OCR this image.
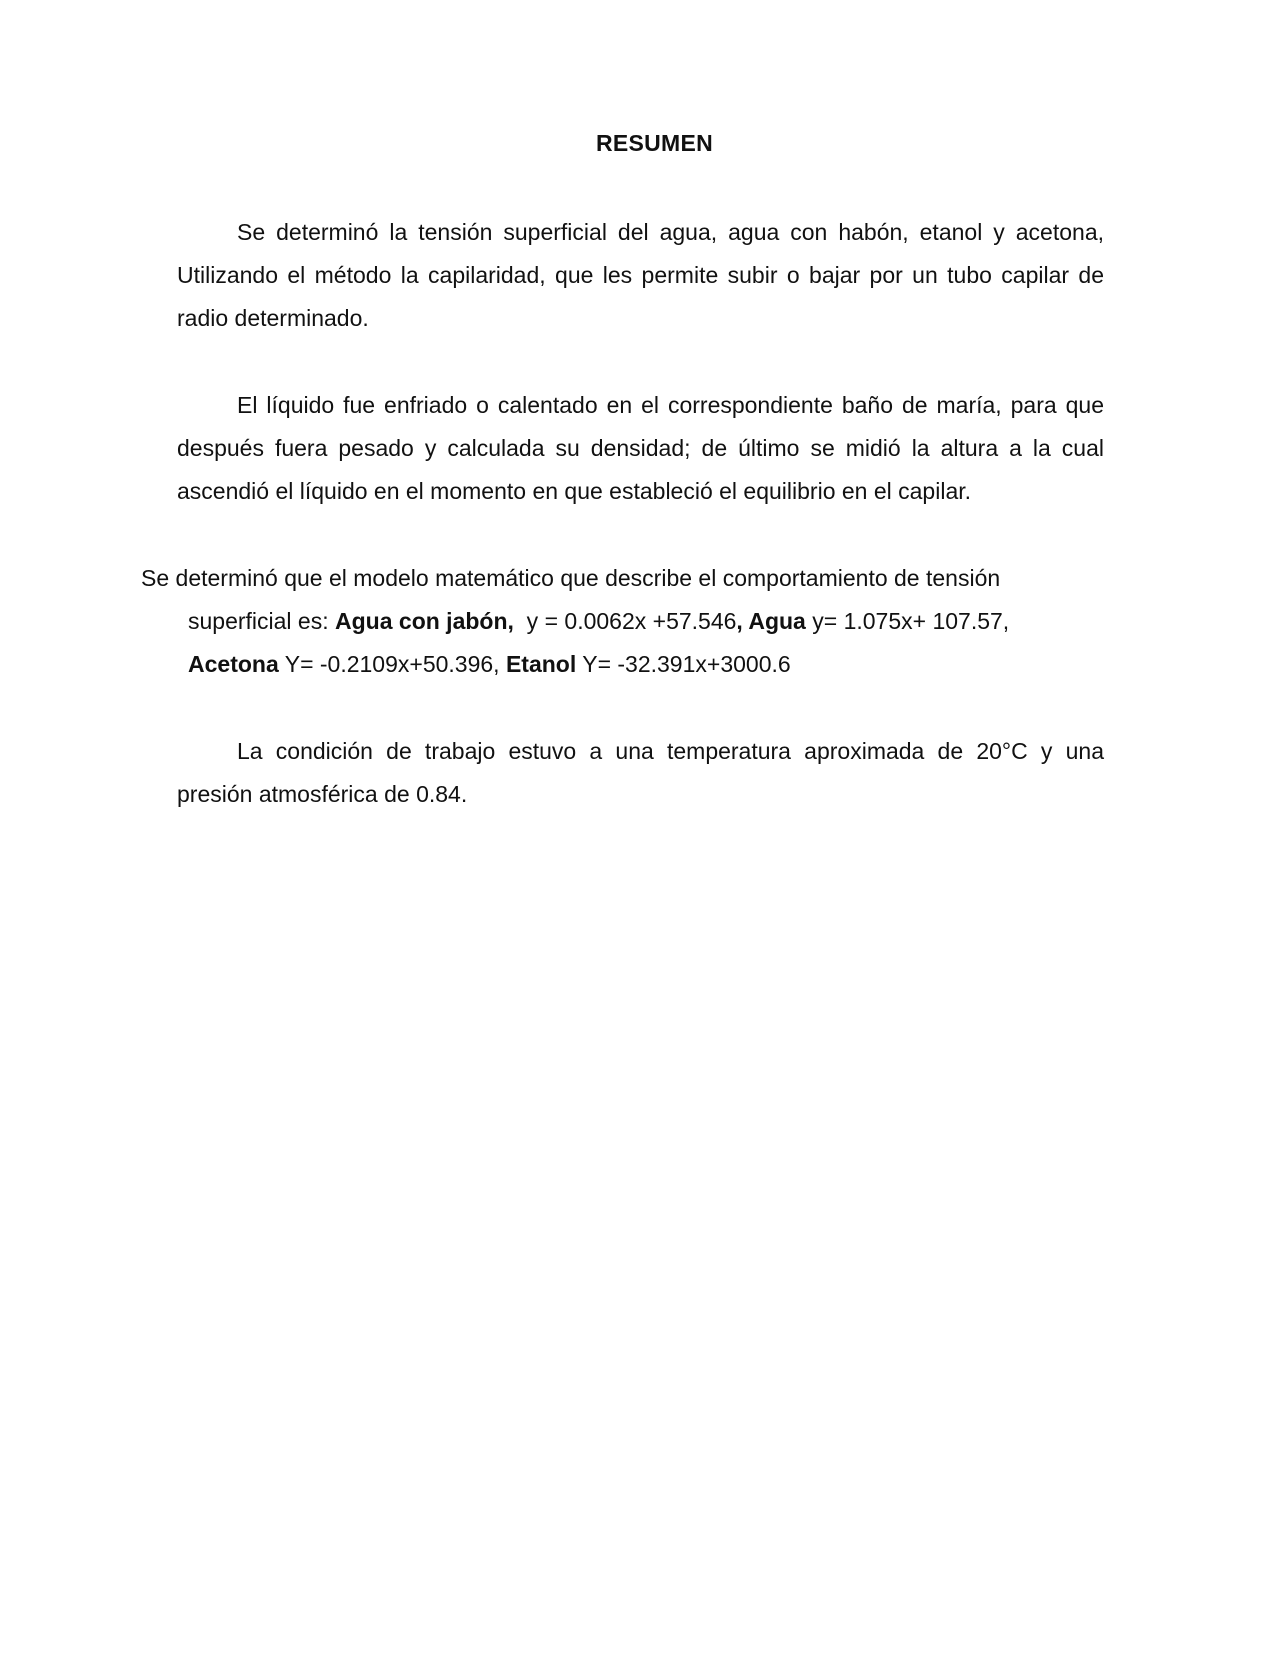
RESUMEN

Se determinó la tensión superficial del agua, agua con habón, etanol y acetona, Utilizando el método la capilaridad, que les permite subir o bajar por un tubo capilar de radio determinado.

El líquido fue enfriado o calentado en el correspondiente baño de maría, para que después fuera pesado y calculada su densidad; de último se midió la altura a la cual ascendió el líquido en el momento en que estableció el equilibrio en el capilar.

Se determinó que el modelo matemático que describe el comportamiento de tensión
superficial es: Agua con jabón,  y = 0.0062x +57.546, Agua y= 1.075x+ 107.57,
Acetona Y= -0.2109x+50.396, Etanol Y= -32.391x+3000.6

La condición de trabajo estuvo a una temperatura aproximada de 20°C y una presión atmosférica de 0.84.
